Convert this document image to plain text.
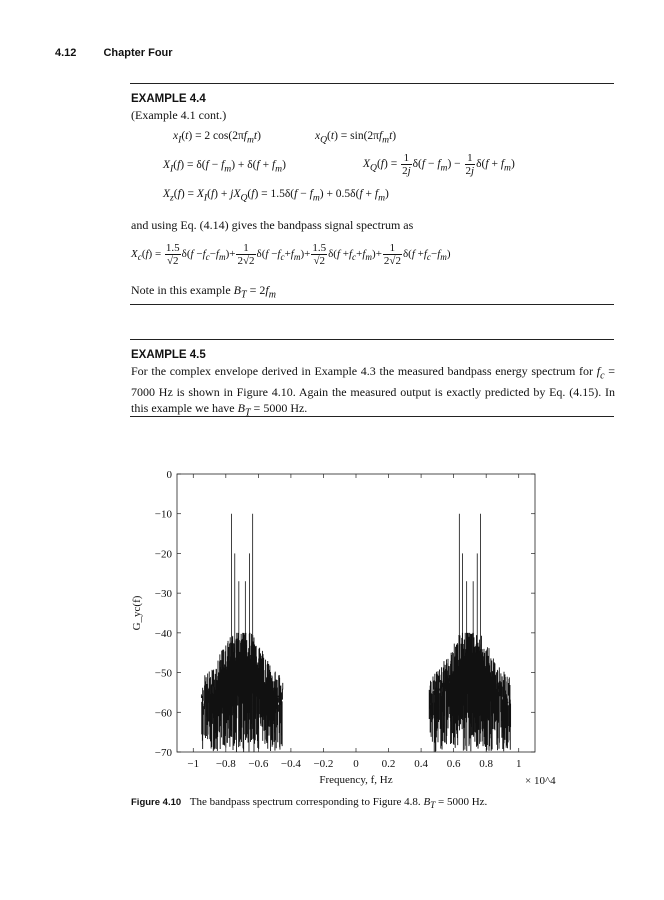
4.12 Chapter Four
EXAMPLE 4.4
(Example 4.1 cont.)
$x_I(t) = 2$ $\cos(2\pi f_mt)$	$x_Q(t) = \sin(2\pi f_mt)$
$X_I(f) = \delta(f - f_m) + \delta(f + f_m)$	$X_Q(f) = \frac{1}{2j} \delta(f - f_m) - \frac{1}{2j} \delta(f + f_m)$
$X_z(f) = X_I(f) + jX_Q(f) = 1.5\delta(f - f_m) + 0.5\delta(f + f_m)$
and using Eq. (4.14) gives the bandpass signal spectrum as
$X_c(f) = \frac{1.5}{√2} \delta(f -f_c-f_m)+ \frac{1}{2√2} \delta(f -f_c+f_m)+ \frac{1.5}{√2} \delta(f +f_c+f_m)+ \frac{1}{2√2} \delta(f +f_c-f_m)$
Note in this example $B_T = 2f_m$
EXAMPLE 4.5
For the complex envelope derived in Example 4.3 the measured bandpass energy spectrum for $f_c = 7000$ Hz is shown in Figure 4.10. Again the measured output is exactly predicted by Eq. (4.15). In this example we have $B_T = 5000$ Hz.
0
−10
−20
−30
−40
−50
−60
−70
−1 −0.8 −0.6 −0.4 −0.2 0 0.2 0.4 0.6 0.8 1
Frequency, f, Hz	× 10^4
G_yc(f)
Figure 4.10 The bandpass spectrum corresponding to Figure 4.8. $B_T = 5000$ Hz.
